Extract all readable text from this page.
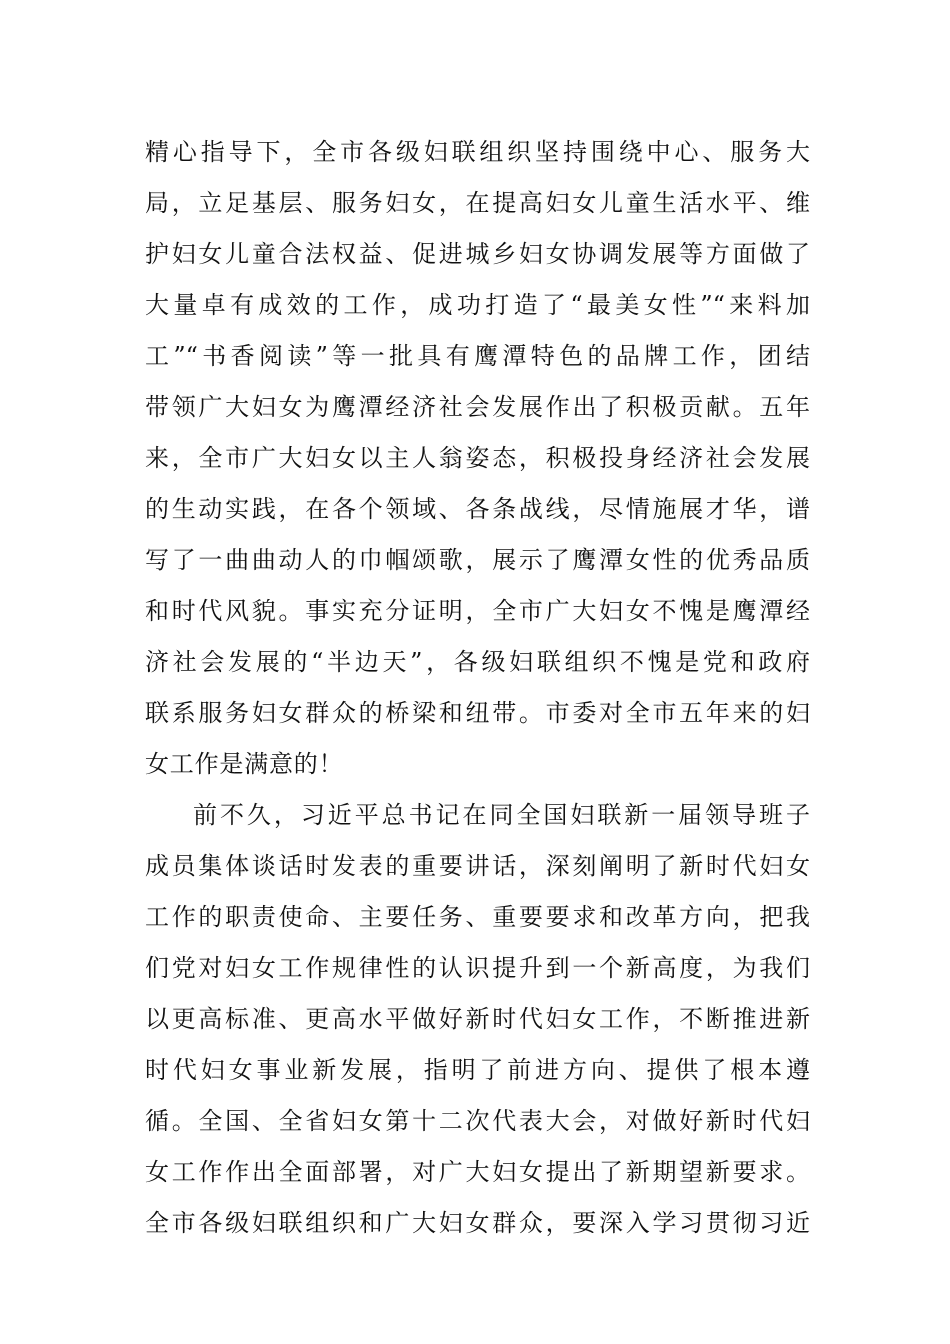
精心指导下，全市各级妇联组织坚持围绕中心、服务大
局，立足基层、服务妇女，在提高妇女儿童生活水平、维
护妇女儿童合法权益、促进城乡妇女协调发展等方面做了
大量卓有成效的工作，成功打造了“最美女性”“来料加
工”“书香阅读”等一批具有鹰潭特色的品牌工作，团结
带领广大妇女为鹰潭经济社会发展作出了积极贡献。五年
来，全市广大妇女以主人翁姿态，积极投身经济社会发展
的生动实践，在各个领域、各条战线，尽情施展才华，谱
写了一曲曲动人的巾帼颂歌，展示了鹰潭女性的优秀品质
和时代风貌。事实充分证明，全市广大妇女不愧是鹰潭经
济社会发展的“半边天”，各级妇联组织不愧是党和政府
联系服务妇女群众的桥梁和纽带。市委对全市五年来的妇
女工作是满意的！
前不久，习近平总书记在同全国妇联新一届领导班子
成员集体谈话时发表的重要讲话，深刻阐明了新时代妇女
工作的职责使命、主要任务、重要要求和改革方向，把我
们党对妇女工作规律性的认识提升到一个新高度，为我们
以更高标准、更高水平做好新时代妇女工作，不断推进新
时代妇女事业新发展，指明了前进方向、提供了根本遵
循。全国、全省妇女第十二次代表大会，对做好新时代妇
女工作作出全面部署，对广大妇女提出了新期望新要求。
全市各级妇联组织和广大妇女群众，要深入学习贯彻习近
